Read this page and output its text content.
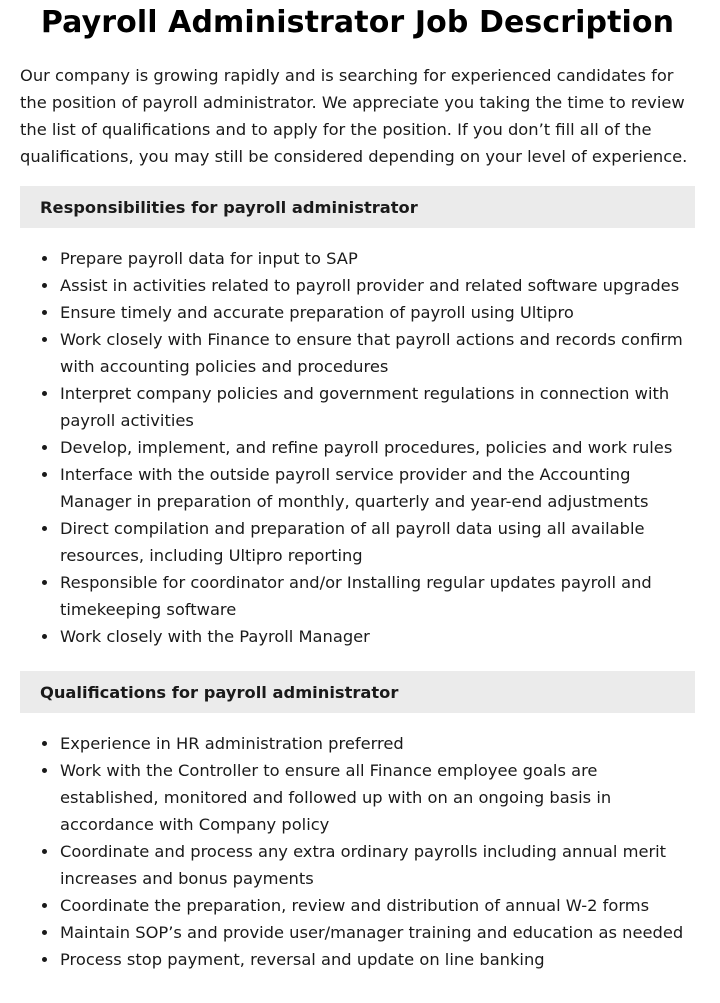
Payroll Administrator Job Description

Our company is growing rapidly and is searching for experienced candidates for the position of payroll administrator. We appreciate you taking the time to review the list of qualifications and to apply for the position. If you don’t fill all of the qualifications, you may still be considered depending on your level of experience.

Responsibilities for payroll administrator
Prepare payroll data for input to SAP
Assist in activities related to payroll provider and related software upgrades
Ensure timely and accurate preparation of payroll using Ultipro
Work closely with Finance to ensure that payroll actions and records confirm with accounting policies and procedures
Interpret company policies and government regulations in connection with payroll activities
Develop, implement, and refine payroll procedures, policies and work rules
Interface with the outside payroll service provider and the Accounting Manager in preparation of monthly, quarterly and year-end adjustments
Direct compilation and preparation of all payroll data using all available resources, including Ultipro reporting
Responsible for coordinator and/or Installing regular updates payroll and timekeeping software
Work closely with the Payroll Manager
Qualifications for payroll administrator
Experience in HR administration preferred
Work with the Controller to ensure all Finance employee goals are established, monitored and followed up with on an ongoing basis in accordance with Company policy
Coordinate and process any extra ordinary payrolls including annual merit increases and bonus payments
Coordinate the preparation, review and distribution of annual W-2 forms
Maintain SOP’s and provide user/manager training and education as needed
Process stop payment, reversal and update on line banking
